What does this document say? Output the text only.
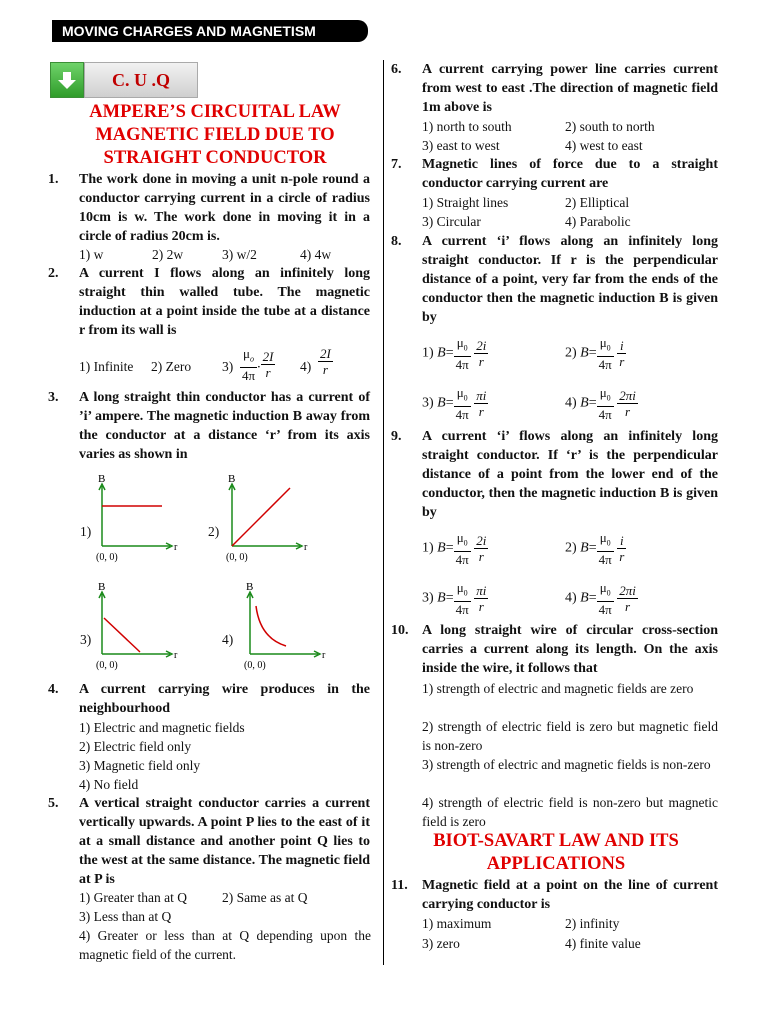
MOVING CHARGES AND MAGNETISM
C. U .Q
AMPERE’S CIRCUITAL LAW
MAGNETIC FIELD DUE TO
STRAIGHT CONDUCTOR
1. The work done in moving a unit n-pole round a conductor carrying current in a circle of radius 10cm is w. The work done in moving it in a circle of radius 20cm is.
1) w	2) 2w	3) w/2	4) 4w
2. A current I flows along an infinitely long straight thin walled tube. The magnetic induction at a point inside the tube at a distance r from its wall is
1) Infinite 2) Zero $3) \frac{\mu_o}{4\pi}$ . $\frac{2I}{r} 4) \frac{2I}{r}$
3. A long straight thin conductor has a current of ’i’ ampere. The magnetic induction B away from the conductor at a distance ‘r’ from its axis varies as shown in
1)
B
r
(0, 0)
2)
B
r
(0, 0)
3)
B
r
(0, 0)
4)
B
r
(0, 0)
4. A current carrying wire produces in the neighbourhood
1) Electric and magnetic fields
2) Electric field only
3) Magnetic field only
4) No field
5. A vertical straight conductor carries a current vertically upwards. A point P lies to the east of it at a small distance and another point Q lies to the west at the same distance. The magnetic field at P is
1) Greater than at Q	2) Same as at Q
3) Less than at Q
4) Greater or less than at Q depending upon the magnetic field of the current.
6. A current carrying power line carries current from west to east .The direction of magnetic field 1m above is
1) north to south	2) south to north
3) east to west	4) west to east
7. Magnetic lines of force due to a straight conductor carrying current are
1) Straight lines	2) Elliptical
3) Circular	4) Parabolic
8. A current ‘i’ flows along an infinitely long straight conductor. If r is the perpendicular distance of a point, very far from the ends of the conductor then the magnetic induction B is given by
1) $B= \frac{\mu_0}{4\pi}$
$\frac{2i}{r}$	2) $B= \frac{\mu_0}{4\pi}$
$\frac{i}{r}$
3) $B= \frac{\mu_0}{4\pi}$
$\frac{\pi i}{r}$	4) $B= \frac{\mu_0}{4\pi}$
$\frac{2\pi i}{r}$
9. A current ‘i’ flows along an infinitely long straight conductor. If ‘r’ is the perpendicular distance of a point from the lower end of the conductor, then the magnetic induction B is given by
1) $B= \frac{\mu_0}{4\pi}$
$\frac{2i}{r}$	2) $B= \frac{\mu_0}{4\pi}$
$\frac{i}{r}$
3) $B= \frac{\mu_0}{4\pi}$
$\frac{\pi i}{r}$	4) $B= \frac{\mu_0}{4\pi}$
$\frac{2\pi i}{r}$
10. A long straight wire of circular cross-section carries a current along its length. On the axis inside the wire, it follows that
1) strength of electric and magnetic fields are zero
2) strength of electric field is zero but magnetic field is non-zero
3) strength of electric and magnetic fields is non-zero
4) strength of electric field is non-zero but magnetic field is zero
BIOT-SAVART LAW AND ITS
APPLICATIONS
11. Magnetic field at a point on the line of current carrying conductor is
1) maximum	2) infinity
3) zero	4) finite value
